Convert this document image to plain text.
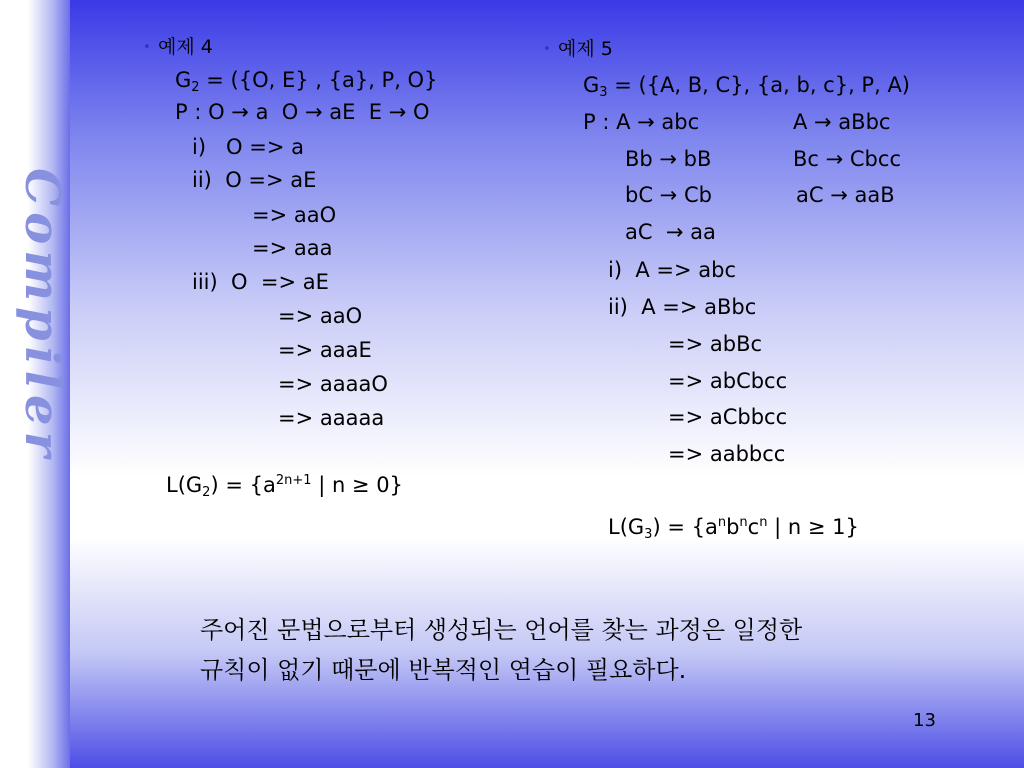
Compiler
• 예제 4
$G_2 = (\{O$, E} , {a}, P, O}
P : O → a  O → aE  E → O
i)   O => a
ii)  O => aE
=> aaO
=> aaa
iii)  O  => aE
=> aaO
=> aaaE
=> aaaaO
=> aaaaa
$L(G_2) = \{a^{2n+1}$ | n ≥ 0}
• 예제 5
$G_3 = (\{A$, B, C}, {a, b, c}, P, A)
P : A → abc	A → aBbc
Bb → bB	Bc → Cbcc
bC → Cb	aC → aaB
aC  → aa
i)  A => abc
ii)  A => aBbc
=> abBc
=> abCbcc
=> aCbbcc
=> aabbcc
$L(G_3) = \{a^nb^nc^n$ | n ≥ 1}
주어진 문법으로부터 생성되는 언어를 찾는 과정은 일정한
규칙이 없기 때문에 반복적인 연습이 필요하다.
13
